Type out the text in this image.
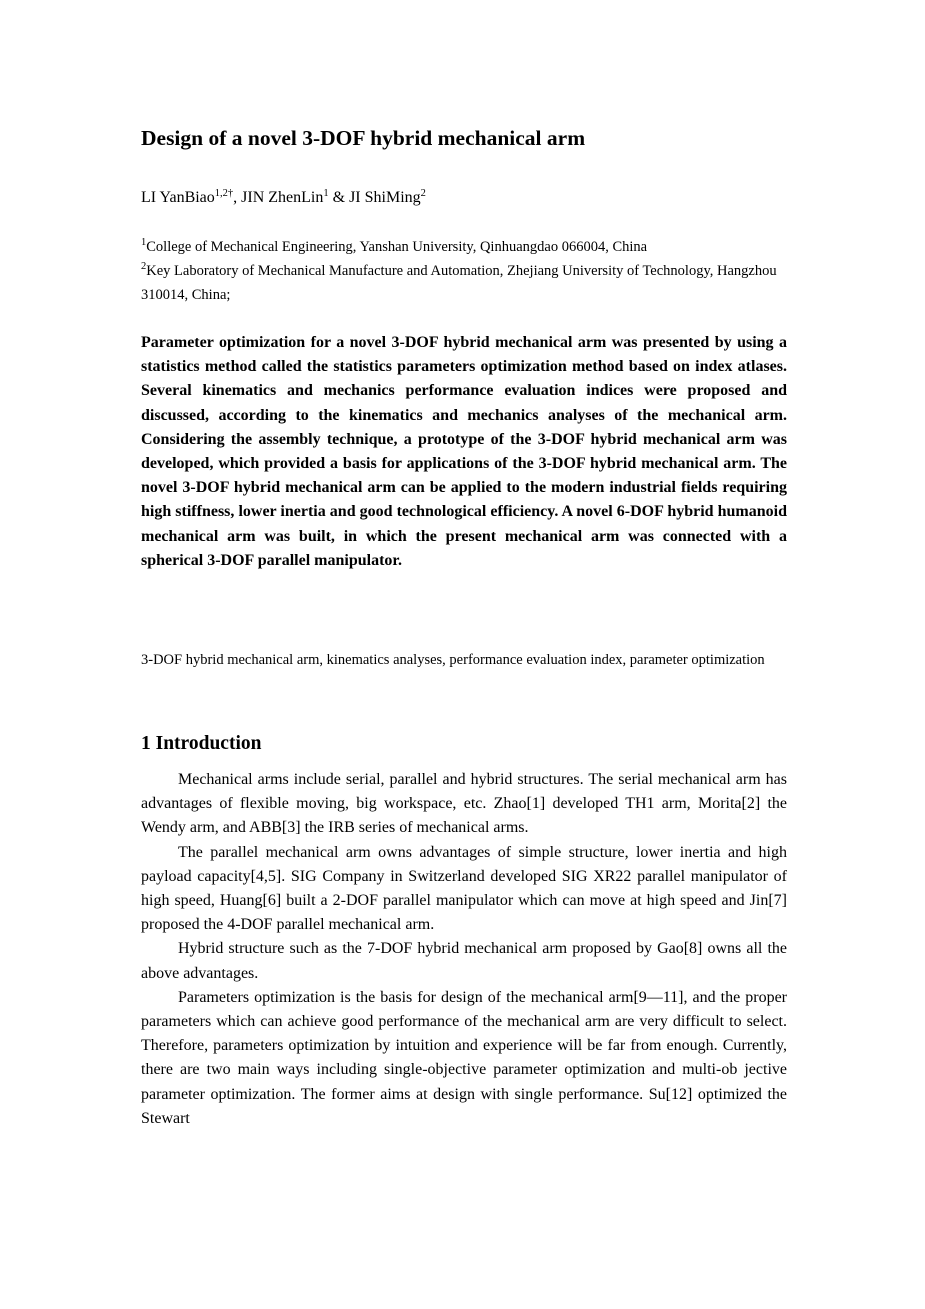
Design of a novel 3-DOF hybrid mechanical arm
LI YanBiao$^{1,2\dagger}$, JIN ZhenLin$^1$ & JI ShiMing$^2$
$^1$College of Mechanical Engineering, Yanshan University, Qinhuangdao 066004, China
$^2$Key Laboratory of Mechanical Manufacture and Automation, Zhejiang University of Technology, Hangzhou 310014, China;

Parameter optimization for a novel 3-DOF hybrid mechanical arm was presented by using a statistics method called the statistics parameters optimization method based on index atlases. Several kinematics and mechanics performance evaluation indices were proposed and discussed, according to the kinematics and mechanics analyses of the mechanical arm. Considering the assembly technique, a prototype of the 3-DOF hybrid mechanical arm was developed, which provided a basis for applications of the 3-DOF hybrid mechanical arm. The novel 3-DOF hybrid mechanical arm can be applied to the modern industrial fields requiring high stiffness, lower inertia and good technological efficiency. A novel 6-DOF hybrid humanoid mechanical arm was built, in which the present mechanical arm was connected with a spherical 3-DOF parallel manipulator.

3-DOF hybrid mechanical arm, kinematics analyses, performance evaluation index, parameter optimization

1 Introduction

Mechanical arms include serial, parallel and hybrid structures. The serial mechanical arm has advantages of flexible moving, big workspace, etc. Zhao[1] developed TH1 arm, Morita[2] the Wendy arm, and ABB[3] the IRB series of mechanical arms.

The parallel mechanical arm owns advantages of simple structure, lower inertia and high payload capacity[4,5]. SIG Company in Switzerland developed SIG XR22 parallel manipulator of high speed, Huang[6] built a 2-DOF parallel manipulator which can move at high speed and Jin[7] proposed the 4-DOF parallel mechanical arm.

Hybrid structure such as the 7-DOF hybrid mechanical arm proposed by Gao[8] owns all the above advantages.

Parameters optimization is the basis for design of the mechanical arm[9—11], and the proper parameters which can achieve good performance of the mechanical arm are very difficult to select. Therefore, parameters optimization by intuition and experience will be far from enough. Currently, there are two main ways including single-objective parameter optimization and multi-ob jective parameter optimization. The former aims at design with single performance. Su[12] optimized the Stewart
